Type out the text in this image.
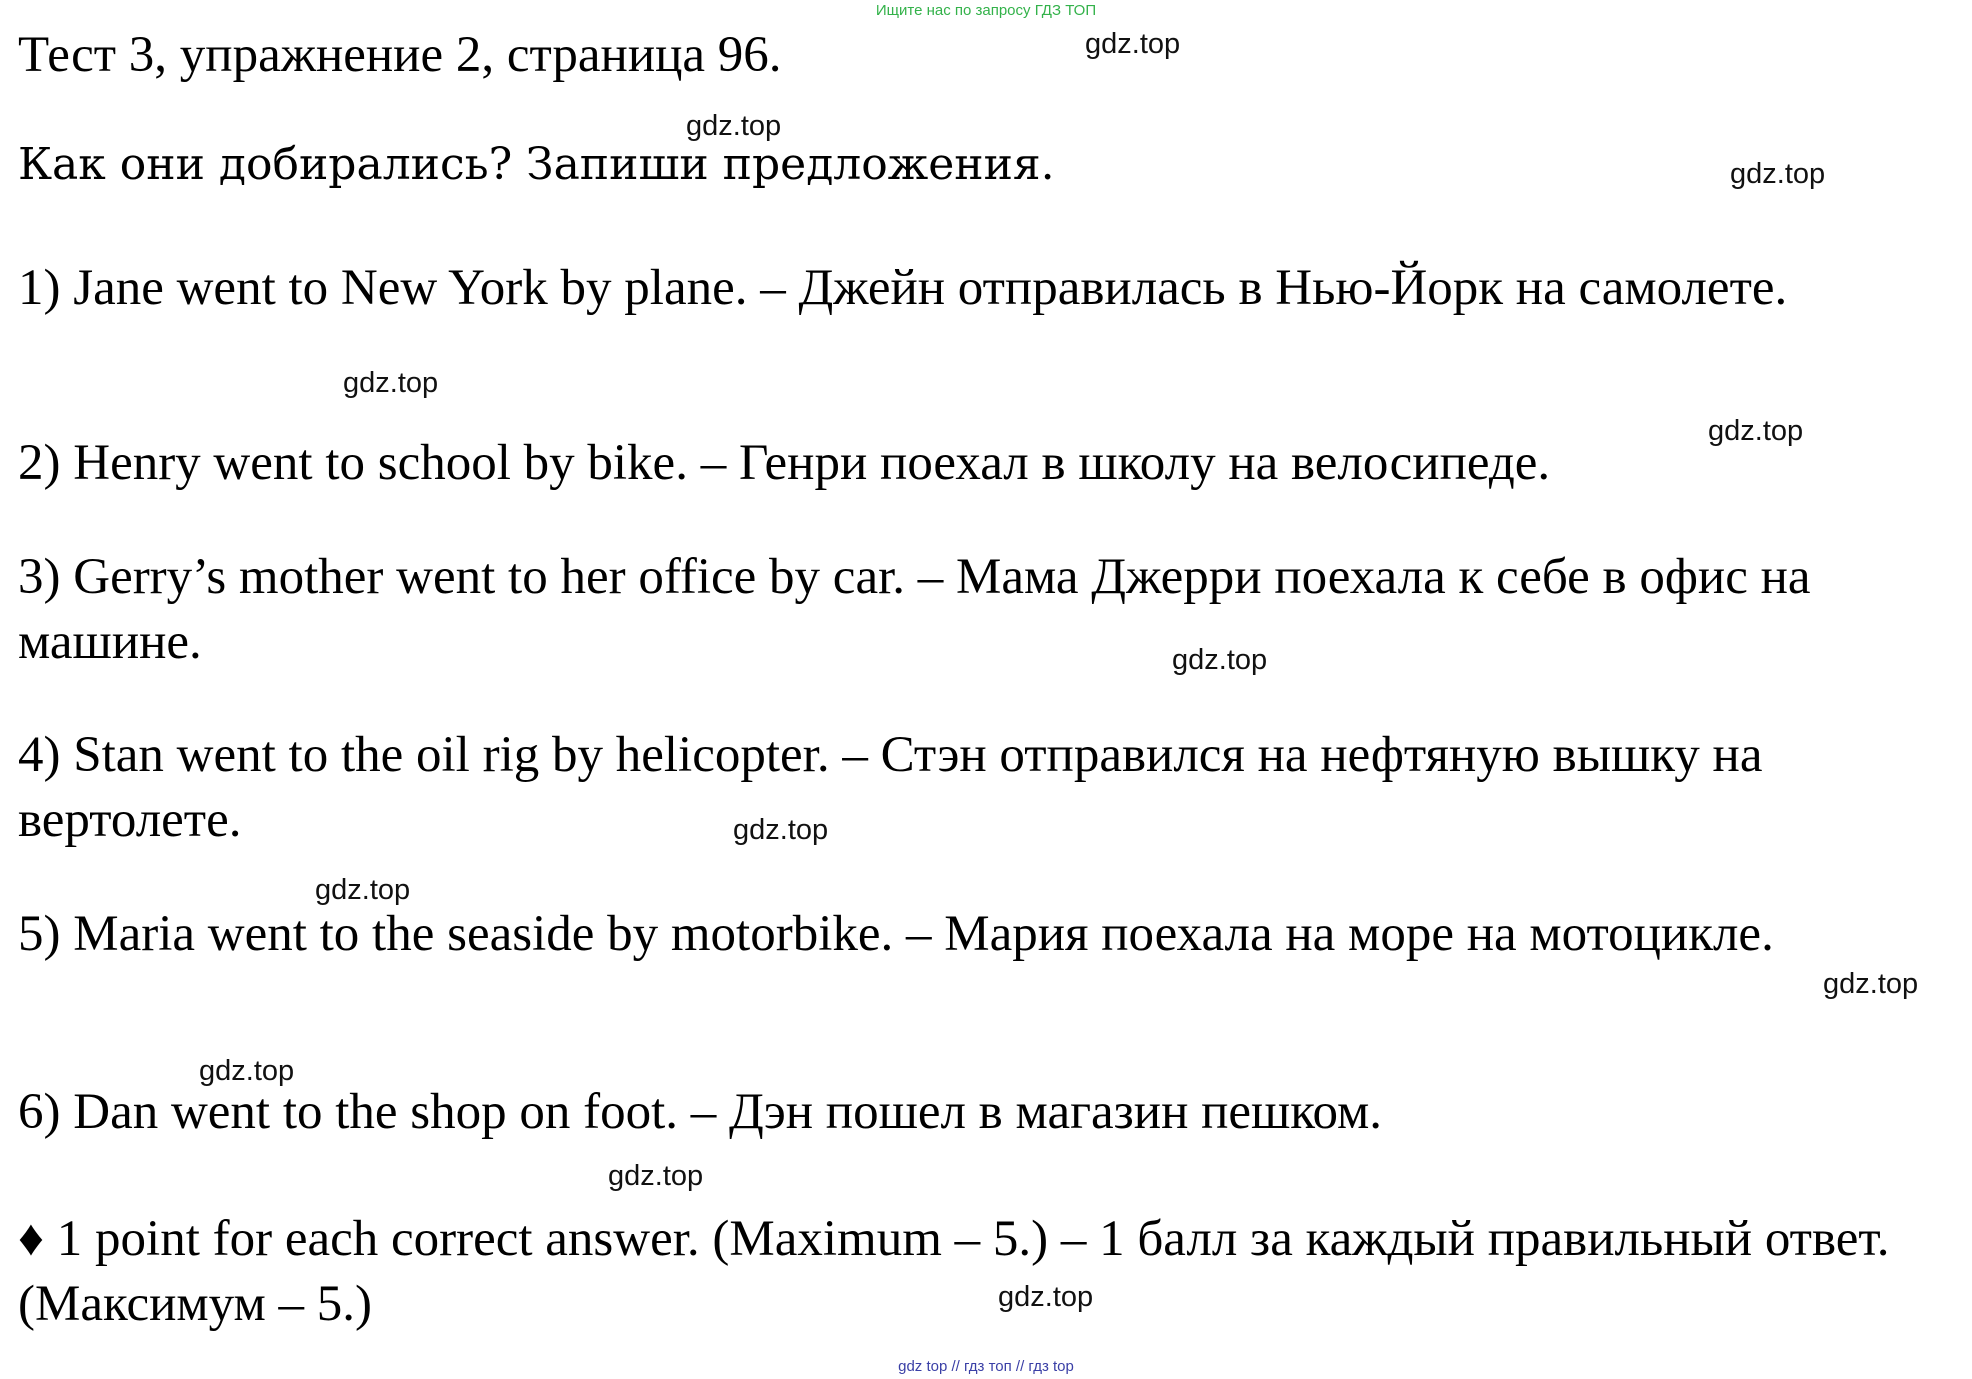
Ищите нас по запросу ГДЗ ТОП
Тест 3, упражнение 2, страница 96.
Как они добирались? Запиши предложения.
1) Jane went to New York by plane. – Джейн отправилась в Нью-Йорк на самолете.
2) Henry went to school by bike. – Генри поехал в школу на велосипеде.
3) Gerry’s mother went to her office by car. – Мама Джерри поехала к себе в офис на машине.
4) Stan went to the oil rig by helicopter. – Стэн отправился на нефтяную вышку на вертолете.
5) Maria went to the seaside by motorbike. – Мария поехала на море на мотоцикле.
6) Dan went to the shop on foot. – Дэн пошел в магазин пешком.
♦ 1 point for each correct answer. (Maximum – 5.) – 1 балл за каждый правильный ответ. (Максимум – 5.)
gdz.top
gdz.top
gdz.top
gdz.top
gdz.top
gdz.top
gdz.top
gdz.top
gdz.top
gdz.top
gdz.top
gdz.top
gdz top // гдз топ // гдз top
